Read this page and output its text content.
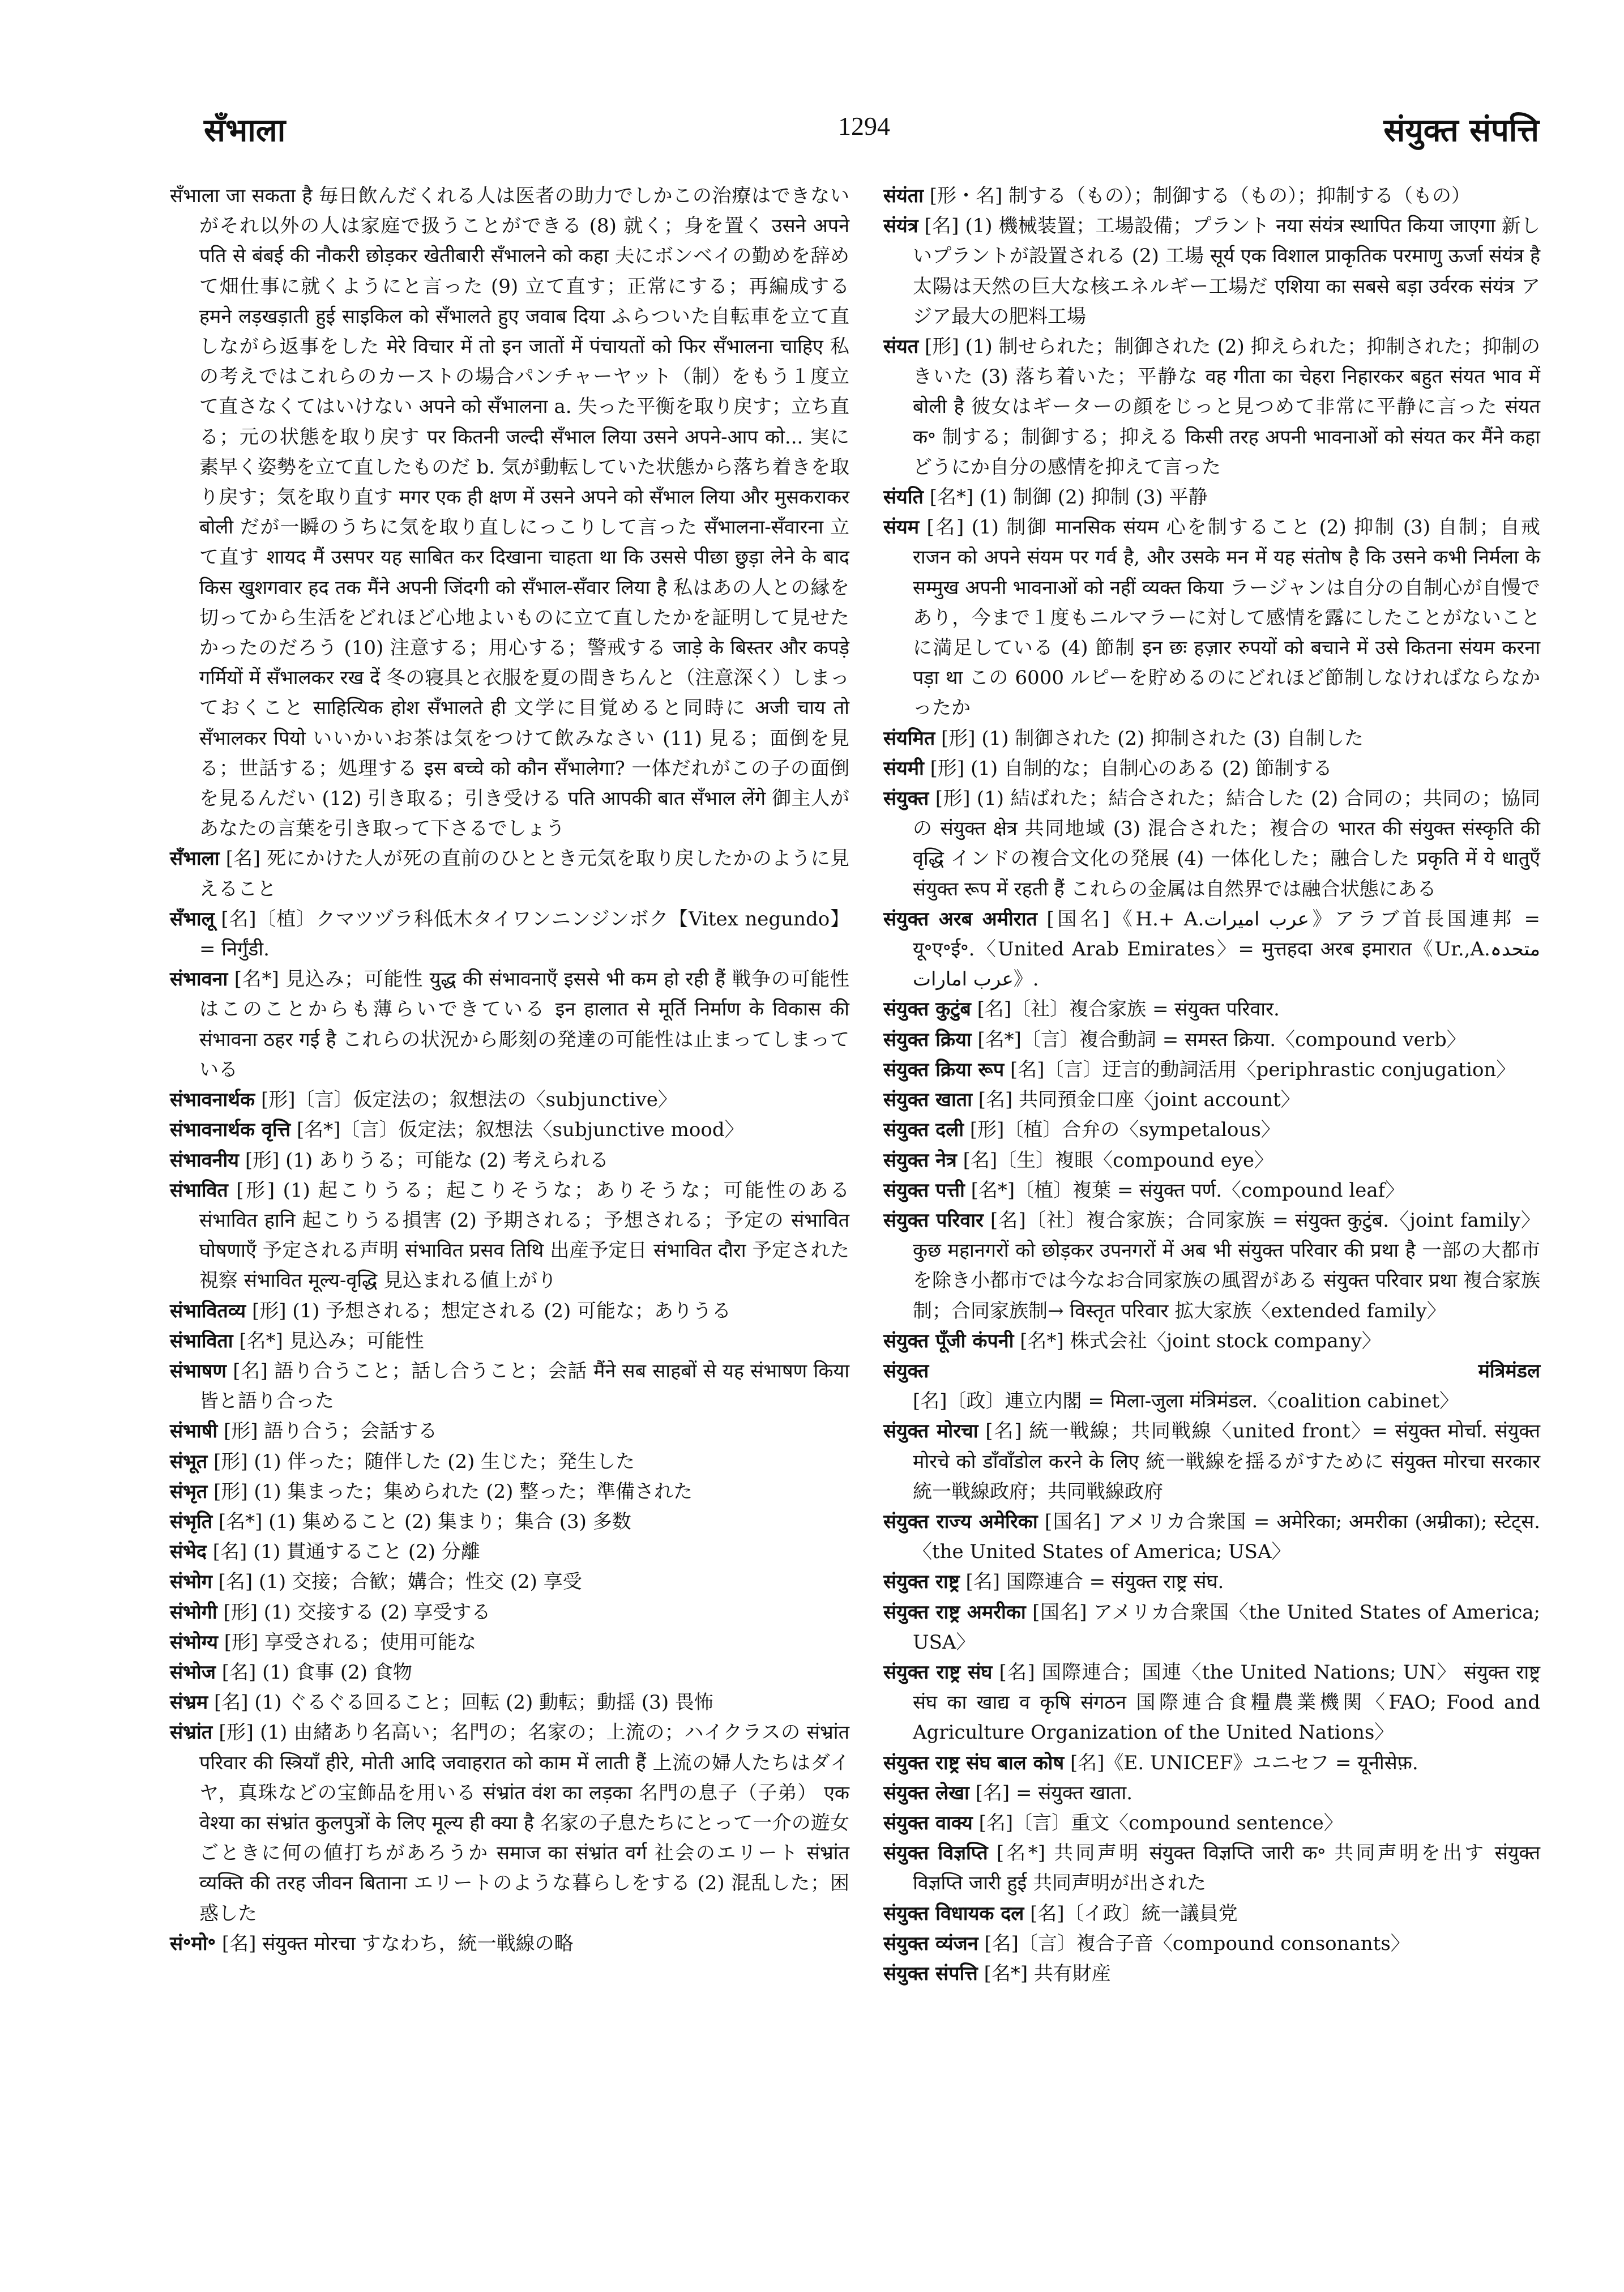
सँभाला	1294	संयुक्त संपत्ति

सँभाला जा सकता है 毎日飲んだくれる人は医者の助力でしかこの治療はできないがそれ以外の人は家庭で扱うことができる (8) 就く；身を置く उसने अपने पति से बंबई की नौकरी छोड़कर खेतीबारी सँभालने को कहा 夫にボンベイの勤めを辞めて畑仕事に就くようにと言った (9) 立て直す；正常にする；再編成する हमने लड़खड़ाती हुई साइकिल को सँभालते हुए जवाब दिया ふらついた自転車を立て直しながら返事をした मेरे विचार में तो इन जातों में पंचायतों को फिर सँभालना चाहिए 私の考えではこれらのカーストの場合パンチャーヤット（制）をもう１度立て直さなくてはいけない अपने को सँभालना a. 失った平衡を取り戻す；立ち直る；元の状態を取り戻す पर कितनी जल्दी सँभाल लिया उसने अपने-आप को... 実に素早く姿勢を立て直したものだ b. 気が動転していた状態から落ち着きを取り戻す；気を取り直す मगर एक ही क्षण में उसने अपने को सँभाल लिया और मुसकराकर बोली だが一瞬のうちに気を取り直しにっこりして言った सँभालना-सँवारना 立て直す शायद मैं उसपर यह साबित कर दिखाना चाहता था कि उससे पीछा छुड़ा लेने के बाद किस खुशगवार हद तक मैंने अपनी जिंदगी को सँभाल-सँवार लिया है 私はあの人との縁を切ってから生活をどれほど心地よいものに立て直したかを証明して見せたかったのだろう (10) 注意する；用心する；警戒する जाड़े के बिस्तर और कपड़े गर्मियों में सँभालकर रख दें 冬の寝具と衣服を夏の間きちんと（注意深く）しまっておくこと साहित्यिक होश सँभालते ही 文学に目覚めると同時に अजी चाय तो सँभालकर पियो いいかいお茶は気をつけて飲みなさい (11) 見る；面倒を見る；世話する；処理する इस बच्चे को कौन सँभालेगा? 一体だれがこの子の面倒を見るんだい (12) 引き取る；引き受ける पति आपकी बात सँभाल लेंगे 御主人があなたの言葉を引き取って下さるでしょう

सँभाला [名] 死にかけた人が死の直前のひととき元気を取り戻したかのように見えること

सँभालू [名]〔植〕クマツヅラ科低木タイワンニンジンボク【Vitex negundo】= निर्गुंडी.

संभावना [名*] 見込み；可能性 युद्ध की संभावनाएँ इससे भी कम हो रही हैं 戦争の可能性はこのことからも薄らいできている इन हालात से मूर्ति निर्माण के विकास की संभावना ठहर गई है これらの状況から彫刻の発達の可能性は止まってしまっている

संभावनार्थक [形]〔言〕仮定法の；叙想法の〈subjunctive〉

संभावनार्थक वृत्ति [名*]〔言〕仮定法；叙想法〈subjunctive mood〉

संभावनीय [形] (1) ありうる；可能な (2) 考えられる

संभावित [形] (1) 起こりうる；起こりそうな；ありそうな；可能性のある संभावित हानि 起こりうる損害 (2) 予期される；予想される；予定の संभावित घोषणाएँ 予定される声明 संभावित प्रसव तिथि 出産予定日 संभावित दौरा 予定された視察 संभावित मूल्य-वृद्धि 見込まれる値上がり

संभावितव्य [形] (1) 予想される；想定される (2) 可能な；ありうる

संभाविता [名*] 見込み；可能性

संभाषण [名] 語り合うこと；話し合うこと；会話 मैंने सब साहबों से यह संभाषण किया 皆と語り合った

संभाषी [形] 語り合う；会話する

संभूत [形] (1) 伴った；随伴した (2) 生じた；発生した

संभृत [形] (1) 集まった；集められた (2) 整った；準備された

संभृति [名*] (1) 集めること (2) 集まり；集合 (3) 多数

संभेद [名] (1) 貫通すること (2) 分離

संभोग [名] (1) 交接；合歓；媾合；性交 (2) 享受

संभोगी [形] (1) 交接する (2) 享受する

संभोग्य [形] 享受される；使用可能な

संभोज [名] (1) 食事 (2) 食物

संभ्रम [名] (1) ぐるぐる回ること；回転 (2) 動転；動揺 (3) 畏怖

संभ्रांत [形] (1) 由緒あり名高い；名門の；名家の；上流の；ハイクラスの संभ्रांत परिवार की स्त्रियाँ हीरे, मोती आदि जवाहरात को काम में लाती हैं 上流の婦人たちはダイヤ，真珠などの宝飾品を用いる संभ्रांत वंश का लड़का 名門の息子（子弟） एक वेश्या का संभ्रांत कुलपुत्रों के लिए मूल्य ही क्या है 名家の子息たちにとって一介の遊女ごときに何の値打ちがあろうか समाज का संभ्रांत वर्ग 社会のエリート संभ्रांत व्यक्ति की तरह जीवन बिताना エリートのような暮らしをする (2) 混乱した；困惑した

सं॰मो॰ [名] संयुक्त मोरचा すなわち，統一戦線の略

संयंता [形・名] 制する（もの）；制御する（もの）；抑制する（もの）

संयंत्र [名] (1) 機械装置；工場設備；プラント नया संयंत्र स्थापित किया जाएगा 新しいプラントが設置される (2) 工場 सूर्य एक विशाल प्राकृतिक परमाणु ऊर्जा संयंत्र है 太陽は天然の巨大な核エネルギー工場だ एशिया का सबसे बड़ा उर्वरक संयंत्र アジア最大の肥料工場

संयत [形] (1) 制せられた；制御された (2) 抑えられた；抑制された；抑制のきいた (3) 落ち着いた；平静な वह गीता का चेहरा निहारकर बहुत संयत भाव में बोली है 彼女はギーターの顔をじっと見つめて非常に平静に言った संयत क॰ 制する；制御する；抑える किसी तरह अपनी भावनाओं को संयत कर मैंने कहा どうにか自分の感情を抑えて言った

संयति [名*] (1) 制御 (2) 抑制 (3) 平静

संयम [名] (1) 制御 मानसिक संयम 心を制すること (2) 抑制 (3) 自制；自戒 राजन को अपने संयम पर गर्व है, और उसके मन में यह संतोष है कि उसने कभी निर्मला के सम्मुख अपनी भावनाओं को नहीं व्यक्त किया ラージャンは自分の自制心が自慢であり，今まで１度もニルマラーに対して感情を露にしたことがないことに満足している (4) 節制 इन छः हज़ार रुपयों को बचाने में उसे कितना संयम करना पड़ा था この 6000 ルピーを貯めるのにどれほど節制しなければならなかったか

संयमित [形] (1) 制御された (2) 抑制された (3) 自制した

संयमी [形] (1) 自制的な；自制心のある (2) 節制する

संयुक्त [形] (1) 結ばれた；結合された；結合した (2) 合同の；共同の；協同の संयुक्त क्षेत्र 共同地域 (3) 混合された；複合の भारत की संयुक्त संस्कृति की वृद्धि インドの複合文化の発展 (4) 一体化した；融合した प्रकृति में ये धातुएँ संयुक्त रूप में रहती हैं これらの金属は自然界では融合状態にある

संयुक्त अरब अमीरात [国名]《H.+ A.عرب امیرات》アラブ首長国連邦 = यू॰ए॰ई॰.〈United Arab Emirates〉= मुत्तहदा अरब इमारात《Ur.,A.متحدہ عرب امارات》.

संयुक्त कुटुंब [名]〔社〕複合家族 = संयुक्त परिवार.

संयुक्त क्रिया [名*]〔言〕複合動詞 = समस्त क्रिया.〈compound verb〉

संयुक्त क्रिया रूप [名]〔言〕迂言的動詞活用〈periphrastic conjugation〉

संयुक्त खाता [名] 共同預金口座〈joint account〉

संयुक्त दली [形]〔植〕合弁の〈sympetalous〉

संयुक्त नेत्र [名]〔生〕複眼〈compound eye〉

संयुक्त पत्ती [名*]〔植〕複葉 = संयुक्त पर्ण.〈compound leaf〉

संयुक्त परिवार [名]〔社〕複合家族；合同家族 = संयुक्त कुटुंब.〈joint family〉 कुछ महानगरों को छोड़कर उपनगरों में अब भी संयुक्त परिवार की प्रथा है 一部の大都市を除き小都市では今なお合同家族の風習がある संयुक्त परिवार प्रथा 複合家族制；合同家族制→ विस्तृत परिवार 拡大家族〈extended family〉

संयुक्त पूँजी कंपनी [名*] 株式会社〈joint stock company〉

संयुक्त मंत्रिमंडल [名]〔政〕連立内閣 = मिला-जुला मंत्रिमंडल.〈coalition cabinet〉

संयुक्त मोरचा [名] 統一戦線；共同戦線〈united front〉= संयुक्त मोर्चा. संयुक्त मोरचे को डाँवाँडोल करने के लिए 統一戦線を揺るがすために संयुक्त मोरचा सरकार 統一戦線政府；共同戦線政府

संयुक्त राज्य अमेरिका [国名] アメリカ合衆国 = अमेरिका; अमरीका (अम्रीका); स्टेट्स.〈the United States of America; USA〉

संयुक्त राष्ट्र [名] 国際連合 = संयुक्त राष्ट्र संघ.

संयुक्त राष्ट्र अमरीका [国名] アメリカ合衆国〈the United States of America; USA〉

संयुक्त राष्ट्र संघ [名] 国際連合；国連〈the United Nations; UN〉 संयुक्त राष्ट्र संघ का खाद्य व कृषि संगठन 国際連合食糧農業機関〈FAO; Food and Agriculture Organization of the United Nations〉

संयुक्त राष्ट्र संघ बाल कोष [名]《E. UNICEF》ユニセフ = यूनीसेफ़.

संयुक्त लेखा [名] = संयुक्त खाता.

संयुक्त वाक्य [名]〔言〕重文〈compound sentence〉

संयुक्त विज्ञप्ति [名*] 共同声明 संयुक्त विज्ञप्ति जारी क॰ 共同声明を出す संयुक्त विज्ञप्ति जारी हुई 共同声明が出された

संयुक्त विधायक दल [名]〔イ政〕統一議員党

संयुक्त व्यंजन [名]〔言〕複合子音〈compound consonants〉

संयुक्त संपत्ति [名*] 共有財産
